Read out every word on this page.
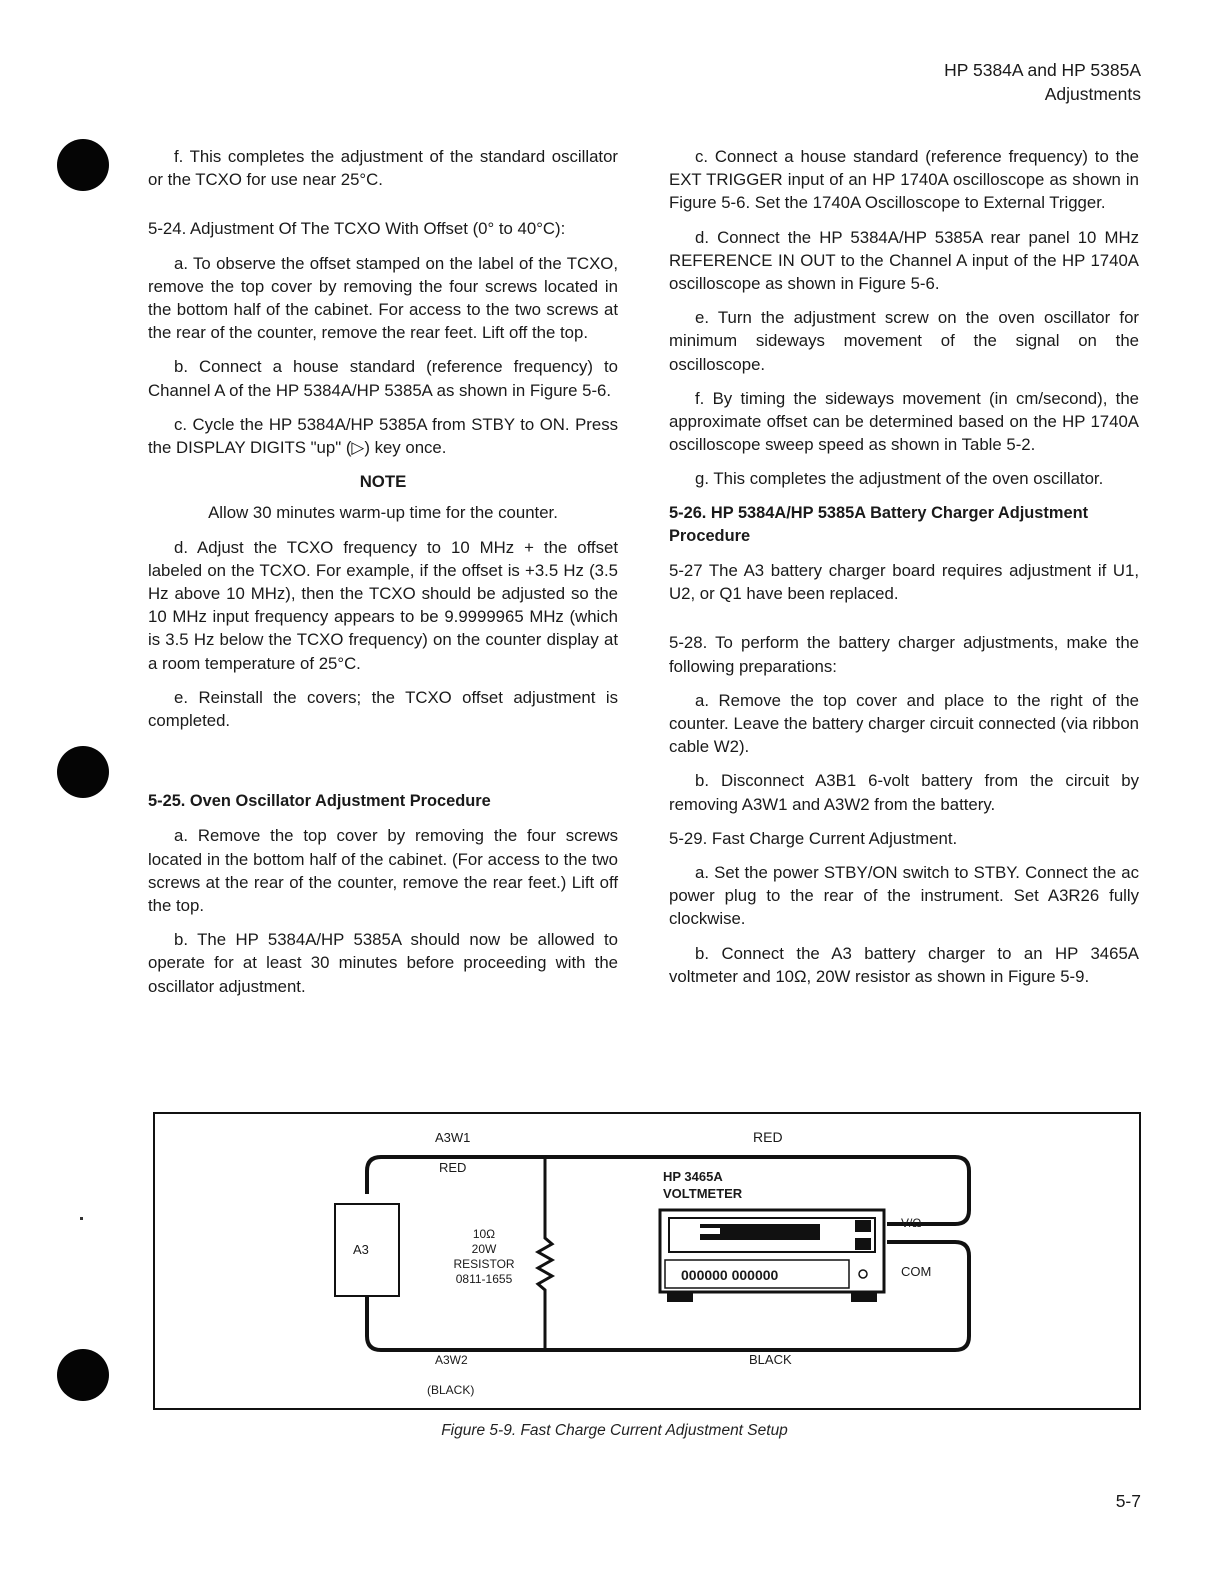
HP 5384A and HP 5385A
Adjustments

f. This completes the adjustment of the standard oscillator or the TCXO for use near 25°C.

5-24. Adjustment Of The TCXO With Offset (0° to 40°C):

a. To observe the offset stamped on the label of the TCXO, remove the top cover by removing the four screws located in the bottom half of the cabinet. For access to the two screws at the rear of the counter, remove the rear feet. Lift off the top.

b. Connect a house standard (reference frequency) to Channel A of the HP 5384A/HP 5385A as shown in Figure 5-6.

c. Cycle the HP 5384A/HP 5385A from STBY to ON. Press the DISPLAY DIGITS "up" (▷) key once.

NOTE

Allow 30 minutes warm-up time for the counter.

d. Adjust the TCXO frequency to 10 MHz + the offset labeled on the TCXO. For example, if the offset is +3.5 Hz (3.5 Hz above 10 MHz), then the TCXO should be adjusted so the 10 MHz input frequency appears to be 9.9999965 MHz (which is 3.5 Hz below the TCXO frequency) on the counter display at a room temperature of 25°C.

e. Reinstall the covers; the TCXO offset adjustment is completed.

5-25. Oven Oscillator Adjustment Procedure

a. Remove the top cover by removing the four screws located in the bottom half of the cabinet. (For access to the two screws at the rear of the counter, remove the rear feet.) Lift off the top.

b. The HP 5384A/HP 5385A should now be allowed to operate for at least 30 minutes before proceeding with the oscillator adjustment.

c. Connect a house standard (reference frequency) to the EXT TRIGGER input of an HP 1740A oscilloscope as shown in Figure 5-6. Set the 1740A Oscilloscope to External Trigger.

d. Connect the HP 5384A/HP 5385A rear panel 10 MHz REFERENCE IN OUT to the Channel A input of the HP 1740A oscilloscope as shown in Figure 5-6.

e. Turn the adjustment screw on the oven oscillator for minimum sideways movement of the signal on the oscilloscope.

f. By timing the sideways movement (in cm/second), the approximate offset can be determined based on the HP 1740A oscilloscope sweep speed as shown in Table 5-2.

g. This completes the adjustment of the oven oscillator.

5-26. HP 5384A/HP 5385A Battery Charger Adjustment Procedure

5-27 The A3 battery charger board requires adjustment if U1, U2, or Q1 have been replaced.

5-28. To perform the battery charger adjustments, make the following preparations:

a. Remove the top cover and place to the right of the counter. Leave the battery charger circuit connected (via ribbon cable W2).

b. Disconnect A3B1 6-volt battery from the circuit by removing A3W1 and A3W2 from the battery.

5-29. Fast Charge Current Adjustment.

a. Set the power STBY/ON switch to STBY. Connect the ac power plug to the rear of the instrument. Set A3R26 fully clockwise.

b. Connect the A3 battery charger to an HP 3465A voltmeter and 10Ω, 20W resistor as shown in Figure 5-9.

000000 000000
A3W1	RED
RED
A3
10Ω
20W
RESISTOR
0811-1655
HP 3465A
VOLTMETER
V/Ω
COM
A3W2
(BLACK)
BLACK
Figure 5-9. Fast Charge Current Adjustment Setup
5-7
